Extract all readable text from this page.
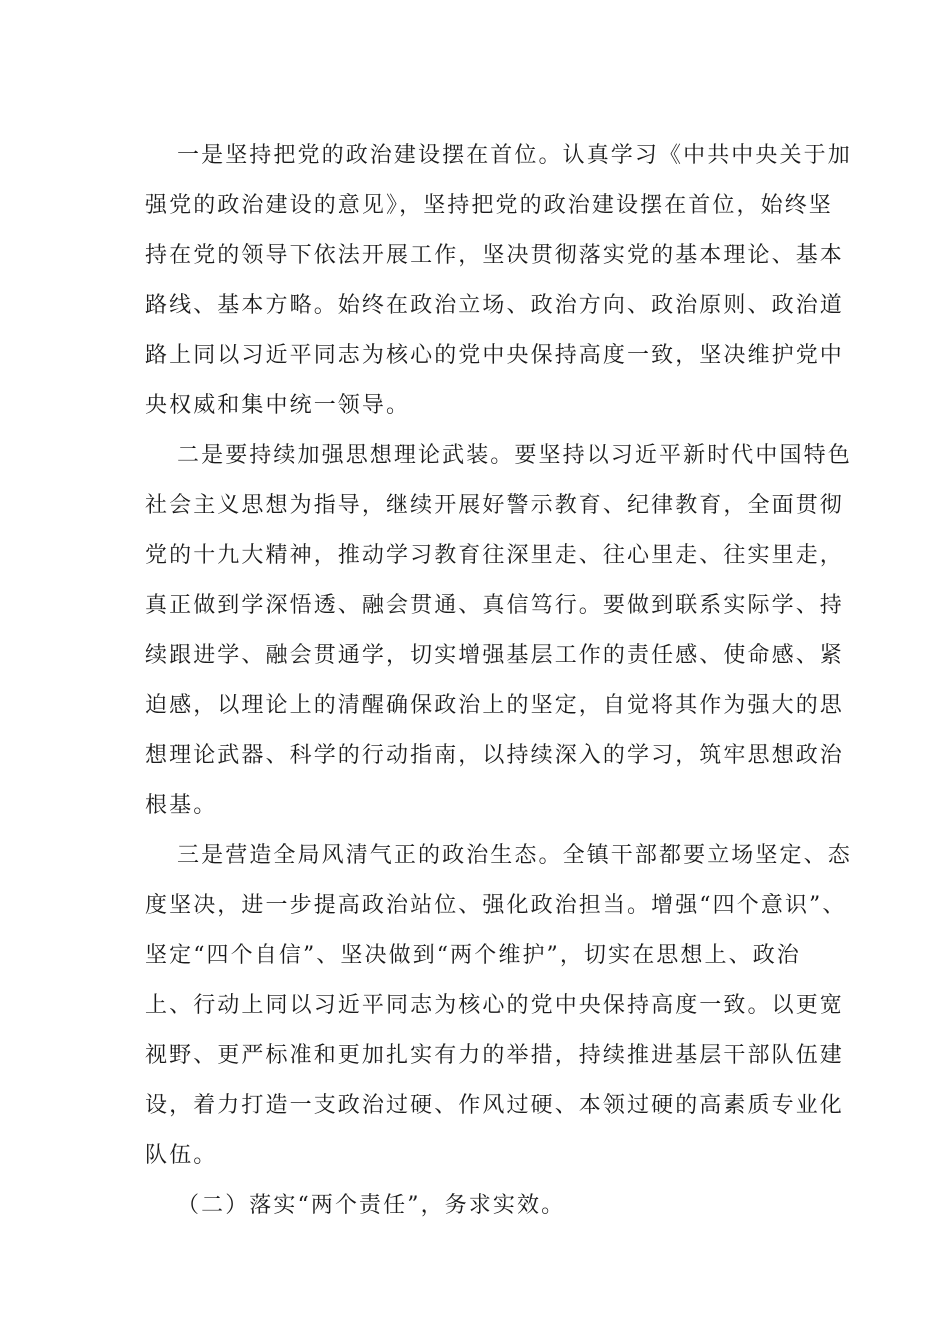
一是坚持把党的政治建设摆在首位。认真学习《中共中央关于加
强党的政治建设的意见》，坚持把党的政治建设摆在首位，始终坚
持在党的领导下依法开展工作，坚决贯彻落实党的基本理论、基本
路线、基本方略。始终在政治立场、政治方向、政治原则、政治道
路上同以习近平同志为核心的党中央保持高度一致，坚决维护党中
央权威和集中统一领导。
二是要持续加强思想理论武装。要坚持以习近平新时代中国特色
社会主义思想为指导，继续开展好警示教育、纪律教育，全面贯彻
党的十九大精神，推动学习教育往深里走、往心里走、往实里走，
真正做到学深悟透、融会贯通、真信笃行。要做到联系实际学、持
续跟进学、融会贯通学，切实增强基层工作的责任感、使命感、紧
迫感，以理论上的清醒确保政治上的坚定，自觉将其作为强大的思
想理论武器、科学的行动指南，以持续深入的学习，筑牢思想政治
根基。
三是营造全局风清气正的政治生态。全镇干部都要立场坚定、态
度坚决，进一步提高政治站位、强化政治担当。增强“四个意识”、
坚定“四个自信”、坚决做到“两个维护”，切实在思想上、政治
上、行动上同以习近平同志为核心的党中央保持高度一致。以更宽
视野、更严标准和更加扎实有力的举措，持续推进基层干部队伍建
设，着力打造一支政治过硬、作风过硬、本领过硬的高素质专业化
队伍。
（二）落实“两个责任”，务求实效。
